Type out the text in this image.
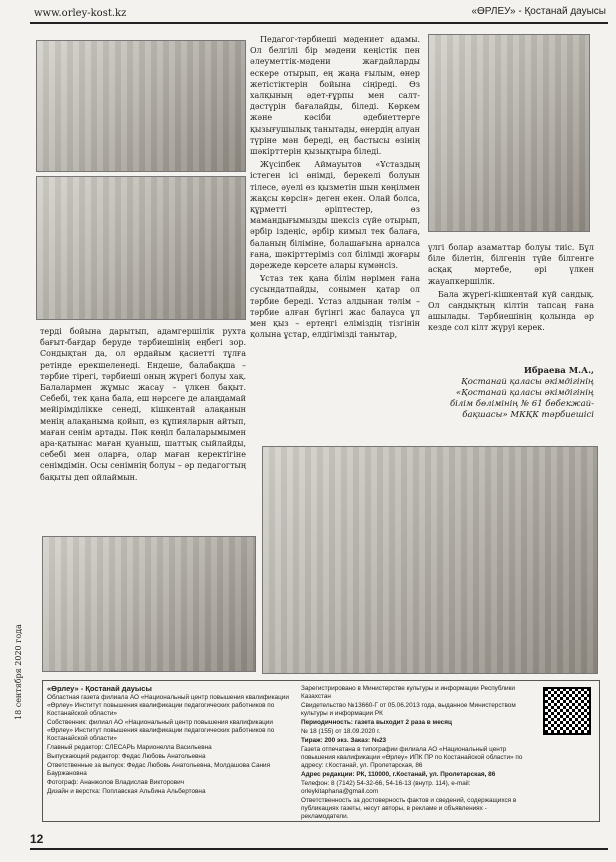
www.orley-kost.kz	«ӨРЛЕУ» - Қостанай дауысы

Педагог-тәрбиеші мәдениет адамы. Ол белгілі бір мәдени кеңістік пен әлеуметтік-мәдени жағдайларды ескере отырып, ең жаңа ғылым, өнер жетістіктерін бойына сіңіреді. Өз халқының әдет-ғұрпы мен салт-дәстүрін бағалайды, біледі. Көркем және кәсіби әдебиеттерге қызығушылық танытады, өнердің алуан түріне мән береді, ең бастысы өзінің шәкірттерін қызықтыра біледі.

Жүсіпбек Аймауытов «Ұстаздың істеген ісі өнімді, берекелі болуын тілесе, әуелі өз қызметін шын көңілмен жақсы көрсін» деген екен. Олай болса, құрметті әріптестер, өз мамандығымызды шексіз сүйе отырып, әрбір іздеңіс, әрбір кимыл тек балаға, баланың біліміне, болашағына арналса ғана, шәкірттеріміз сол білімді жоғары дәрежеде көрсете алары күмәнсіз.

Ұстаз тек қана білім нәрімен ғана сусындатпайды, сонымен қатар ол тәрбие береді. Ұстаз алдынан тәлім – тәрбие алған бүгінгі жас балауса ұл мен қыз – ертеңгі еліміздің тізгінін қолына ұстар, елдігімізді танытар,

үлгі болар азаматтар болуы тиіс. Бұл біле білетін, білгенін түйе білгенге асқақ мәртебе, әрі үлкен жауапкершілік.

Бала жүрегі-кішкентай күй сандық. Ол сандықтың кілтін тапсаң ғана ашылады. Тәрбиешінің қолында әр кезде сол кілт жүруі керек.

Ибраева М.А.,
Қостанай қаласы әкімдігінің
«Қостанай қаласы әкімдігінің
білім бөлімінің № 61 бөбекжай-
бақшасы» МКҚК тәрбиешісі

терді бойына дарытып, адамгершілік рухта бағыт-бағдар беруде тәрбиешінің еңбегі зор. Сондықтан да, ол әрдайым қасиетті тұлға ретінде ерекшеленеді. Ендеше, балабақша – тәрбие тірегі, тәрбиеші оның жүрегі болуы хақ. Балалармен жұмыс жасау – үлкен бақыт. Себебі, тек қана бала, еш нәрсеге де алаңдамай мейірімділікке сенеді, кішкентай алақанын менің алақаныма қойып, өз құпияларын айтып, маған сенім артады. Пәк көңіл балаларымымен ара-қатынас маған қуаныш, шаттық сыйлайды, себебі мен оларға, олар маған керектігіне сенімдімін. Осы сенімнің болуы – әр педагогтың бақыты деп ойлаймын.

«Өрлеу» - Қостанай дауысы
Областная газета филиала АО «Национальный центр повышения квалификации «Өрлеу» Институт повышения квалификации педагогических работников по Костанайской области»
Собственник: филиал АО «Национальный центр повышения квалификации «Өрлеу» Институт повышения квалификации педагогических работников по Костанайской области»
Главный редактор: СЛЕСАРЬ Марионелла Васильевна
Выпускающий редактор: Федас Любовь Анатольевна
Ответственные за выпуск: Федас Любовь Анатольевна, Молдашова Сания Бауржановна
Фотограф: Ананжолов Владислав Викторович
Дизайн и верстка: Поплавская Альбина Альбертовна
Зарегистрировано в Министерстве культуры и информации Республики Казахстан
Свидетельство №13660-Г от 05.06.2013 года, выданное Министерством культуры и информации РК
Периодичность: газета выходит 2 раза в месяц
№ 18 (155) от 18.09.2020 г.
Тираж: 200 экз. Заказ: №23
Газета отпечатана в типографии филиала АО «Национальный центр повышения квалификации «Өрлеу» ИПК ПР по Костанайской области» по адресу: г.Костанай, ул. Пролетарская, 86
Адрес редакции: РК, 110000, г.Костанай, ул. Пролетарская, 86
Телефон: 8 (7142) 54-32-66, 54-16-13 (внутр. 114), e-mail: orleykitaphana@gmail.com
Ответственность за достоверность фактов и сведений, содержащихся в публикациях газеты, несут авторы, в рекламе и объявлениях - рекламодатели.
18 сентября 2020 года
12
